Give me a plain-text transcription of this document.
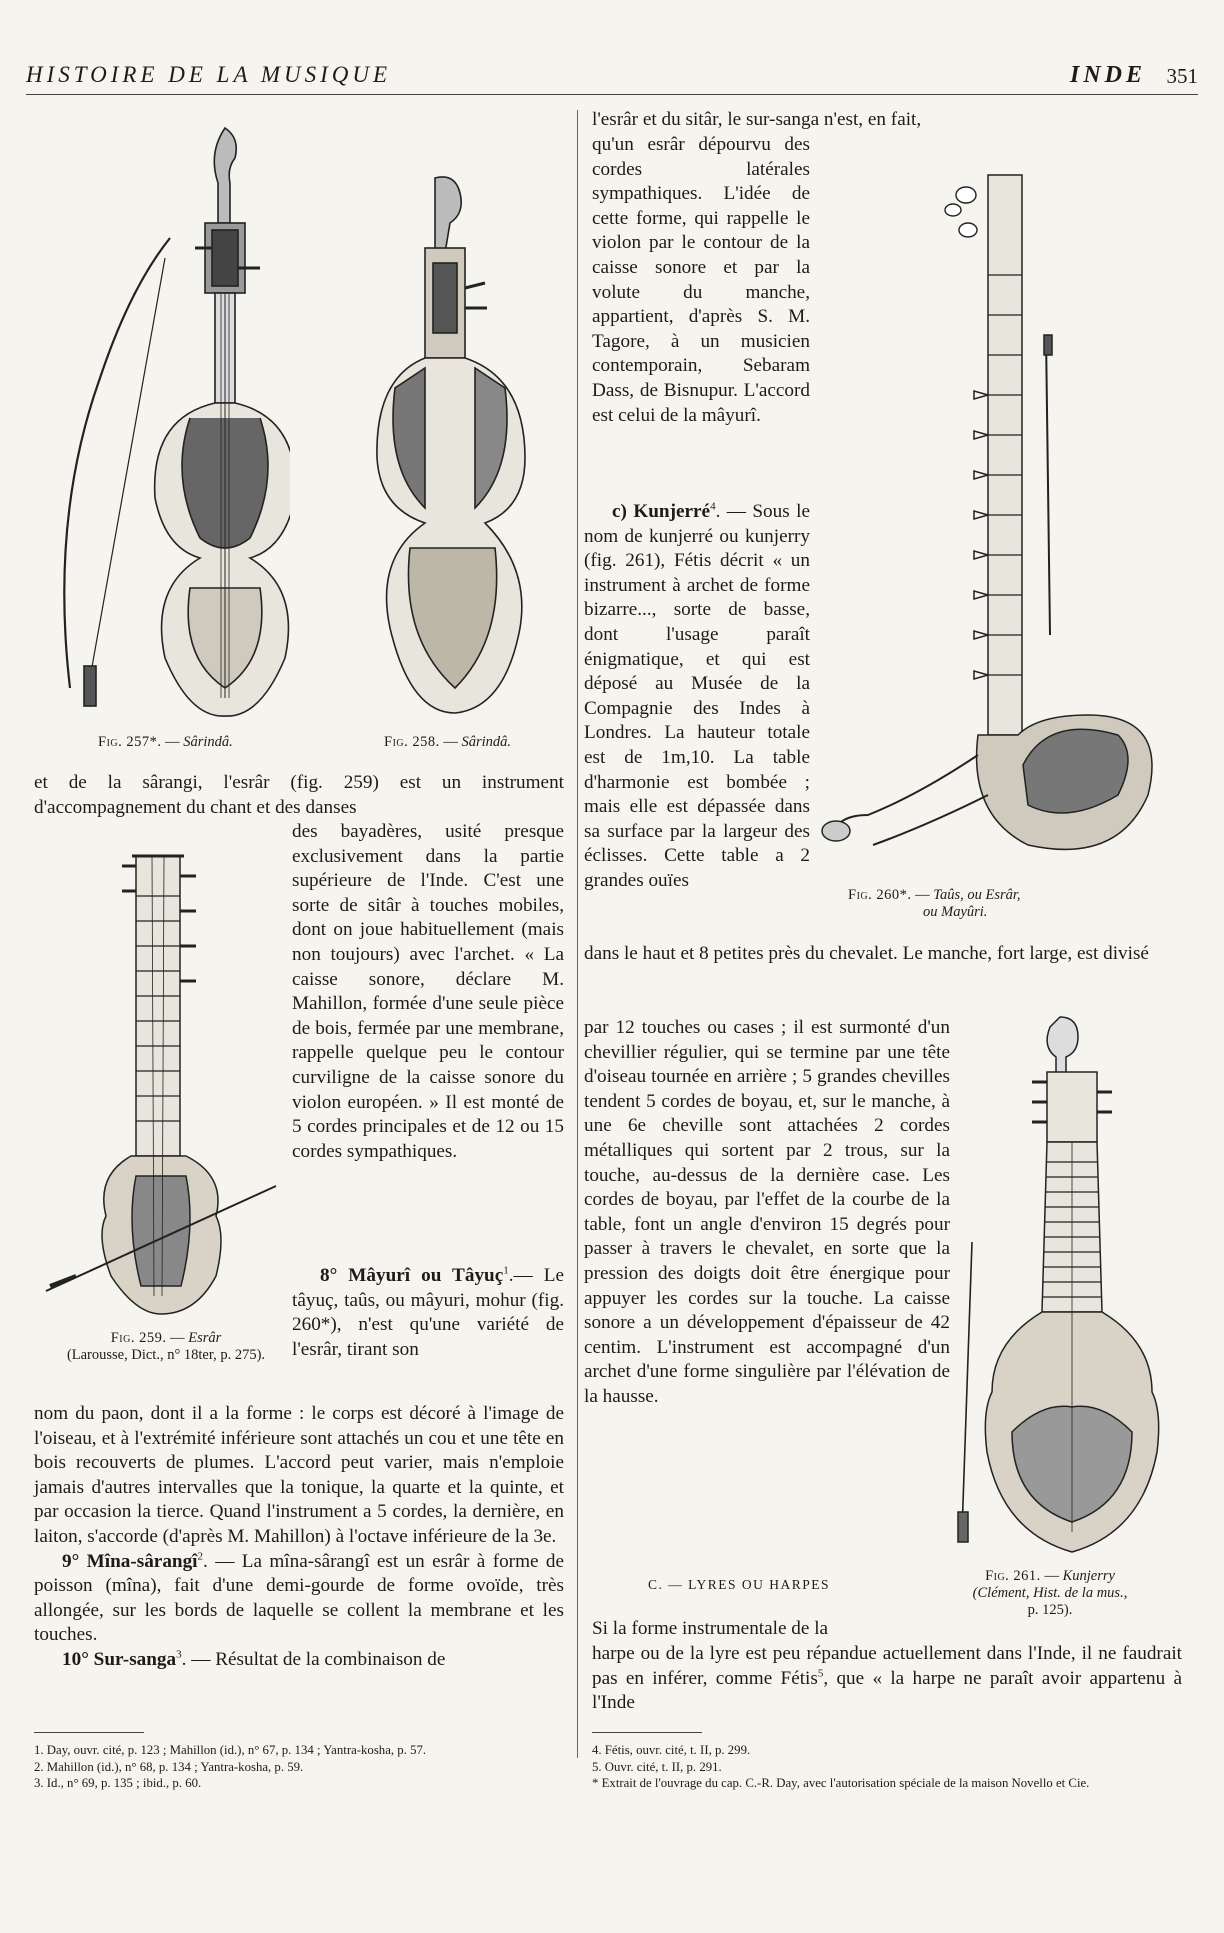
HISTOIRE DE LA MUSIQUE	INDE 351
Fig. 257*. — Sârindâ.	Fig. 258. — Sârindâ.

et de la sârangi, l'esrâr (fig. 259) est un instrument d'accompagnement du chant et des danses

des bayadères, usité presque exclusivement dans la partie supérieure de l'Inde. C'est une sorte de sitâr à touches mobiles, dont on joue habituellement (mais non toujours) avec l'archet. « La caisse sonore, déclare M. Mahillon, formée d'une seule pièce de bois, fermée par une membrane, rappelle quelque peu le contour curviligne de la caisse sonore du violon européen. » Il est monté de 5 cordes principales et de 12 ou 15 cordes sympathiques.

Fig. 259. — Esrâr
(Larousse, Dict., n° 18ter, p. 275).

8° Mâyurî ou Tâyuç$^1$.— Le tâyuç, taûs, ou mâyuri, mohur (fig. 260*), n'est qu'une variété de l'esrâr, tirant son

nom du paon, dont il a la forme : le corps est décoré à l'image de l'oiseau, et à l'extrémité inférieure sont attachés un cou et une tête en bois recouverts de plumes. L'accord peut varier, mais n'emploie jamais d'autres intervalles que la tonique, la quarte et la quinte, et par occasion la tierce. Quand l'instrument a 5 cordes, la dernière, en laiton, s'accorde (d'après M. Mahillon) à l'octave inférieure de la 3e.

9° Mîna-sârangî$^2$. — La mîna-sârangî est un esrâr à forme de poisson (mîna), fait d'une demi-gourde de forme ovoïde, très allongée, sur les bords de laquelle se collent la membrane et les touches.

10° Sur-sanga$^3$. — Résultat de la combinaison de

l'esrâr et du sitâr, le sur-sanga n'est, en fait,

qu'un esrâr dépourvu des cordes latérales sympathiques. L'idée de cette forme, qui rappelle le violon par le contour de la caisse sonore et par la volute du manche, appartient, d'après S. M. Tagore, à un musicien contemporain, Sebaram Dass, de Bisnupur. L'accord est celui de la mâyurî.

Fig. 260*. — Taûs, ou Esrâr,
ou Mayûri.

c) Kunjerré$^4$. — Sous le nom de kunjerré ou kunjerry (fig. 261), Fétis décrit « un instrument à archet de forme bizarre..., sorte de basse, dont l'usage paraît énigmatique, et qui est déposé au Musée de la Compagnie des Indes à Londres. La hauteur totale est de 1m,10. La table d'harmonie est bombée ; mais elle est dépassée dans sa surface par la largeur des éclisses. Cette table a 2 grandes ouïes

dans le haut et 8 petites près du chevalet. Le manche, fort large, est divisé

par 12 touches ou cases ; il est surmonté d'un chevillier régulier, qui se termine par une tête d'oiseau tournée en arrière ; 5 grandes chevilles tendent 5 cordes de boyau, et, sur le manche, à une 6e cheville sont attachées 2 cordes métalliques qui sortent par 2 trous, sur la touche, au-dessus de la dernière case. Les cordes de boyau, par l'effet de la courbe de la table, font un angle d'environ 15 degrés pour passer à travers le chevalet, en sorte que la pression des doigts doit être énergique pour appuyer les cordes sur la touche. La caisse sonore a un développement d'épaisseur de 42 centim. L'instrument est accompagné d'un archet d'une forme singulière par l'élévation de la hausse.

Fig. 261. — Kunjerry
(Clément, Hist. de la mus.,
p. 125).
C. — LYRES OU HARPES

Si la forme instrumentale de la

harpe ou de la lyre est peu répandue actuellement dans l'Inde, il ne faudrait pas en inférer, comme Fétis$^5$, que « la harpe ne paraît avoir appartenu à l'Inde

1. Day, ouvr. cité, p. 123 ; Mahillon (id.), n° 67, p. 134 ; Yantra-kosha, p. 57.

2. Mahillon (id.), n° 68, p. 134 ; Yantra-kosha, p. 59.

3. Id., n° 69, p. 135 ; ibid., p. 60.

4. Fétis, ouvr. cité, t. II, p. 299.

5. Ouvr. cité, t. II, p. 291.

* Extrait de l'ouvrage du cap. C.-R. Day, avec l'autorisation spéciale de la maison Novello et Cie.
